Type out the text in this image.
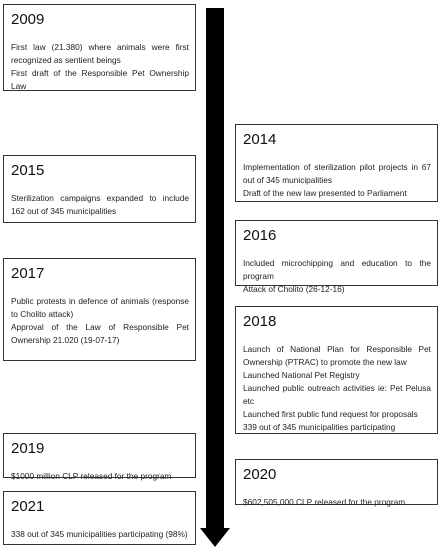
2009

First law (21.380) where animals were first recognized as sentient beings

First draft of the Responsible Pet Ownership Law

2014

Implementation of sterilization pilot projects in 67 out of 345 municipalities

Draft of the new law presented to Parliament

2015

Sterilization campaigns expanded to include 162 out of 345 municipalities

2016

Included microchipping and education to the program

Attack of Cholito (26-12-16)

2017

Public protests in defence of animals (response to Cholito attack)

Approval of the Law of Responsible Pet Ownership 21.020 (19-07-17)

2018

Launch of National Plan for Responsible Pet Ownership (PTRAC) to promote the new law

Launched National Pet Registry

Launched public outreach activities ie: Pet Pelusa etc

Launched first public fund request for proposals

339 out of 345 municipalities participating

2019

$1000 million CLP released for the program	2020

$602,505,000 CLP released for the program

2021

338 out of 345 municipalities participating (98%)
